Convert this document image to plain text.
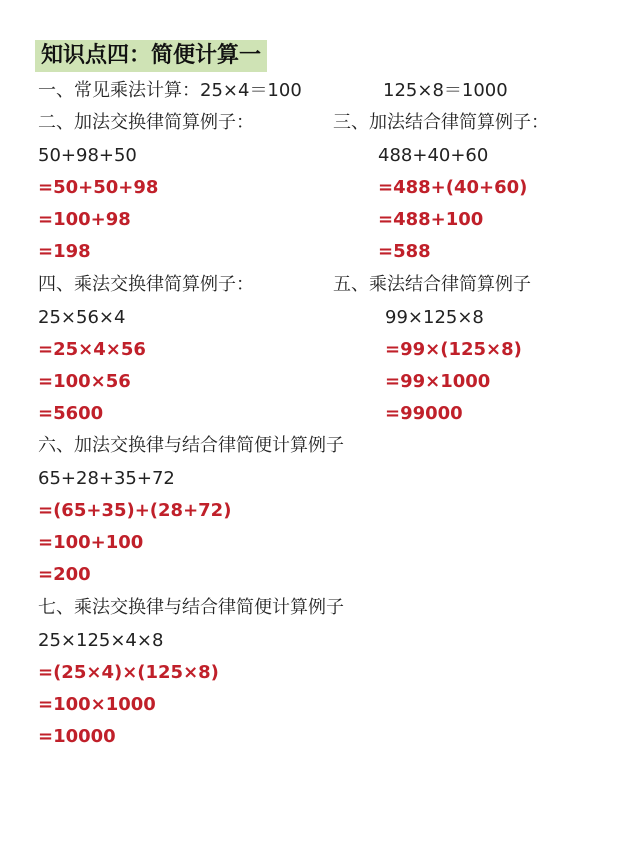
知识点四：简便计算一
一、常见乘法计算：25×4＝100	125×8＝1000
二、加法交换律简算例子：
50+98+50
=50+50+98
=100+98
=198
三、加法结合律简算例子：
488+40+60
=488+(40+60)
=488+100
=588
四、乘法交换律简算例子：
25×56×4
=25×4×56
=100×56
=5600
五、乘法结合律简算例子
99×125×8
=99×(125×8)
=99×1000
=99000
六、加法交换律与结合律简便计算例子
65+28+35+72
=(65+35)+(28+72)
=100+100
=200
七、乘法交换律与结合律简便计算例子
25×125×4×8
=(25×4)×(125×8)
=100×1000
=10000
